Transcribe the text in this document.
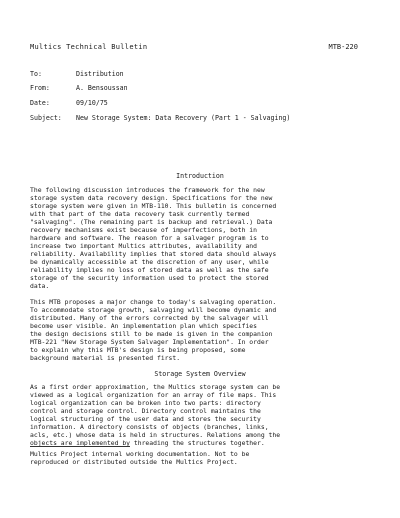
Multics Technical Bulletin	MTB-220
To:	Distribution
From:	A. Bensoussan
Date:	09/10/75
Subject: New Storage System: Data Recovery (Part 1 - Salvaging)
Introduction
The following discussion introduces the framework for the new
storage system data recovery design. Specifications for the new
storage system were given in MTB-110. This bulletin is concerned
with that part of the data recovery task currently termed
"salvaging". (The remaining part is backup and retrieval.) Data
recovery mechanisms exist because of imperfections, both in
hardware and software. The reason for a salvager program is to
increase two important Multics attributes, availability and
reliability. Availability implies that stored data should always
be dynamically accessible at the discretion of any user, while
reliability implies no loss of stored data as well as the safe
storage of the security information used to protect the stored
data.
This MTB proposes a major change to today's salvaging operation.
To accommodate storage growth, salvaging will become dynamic and
distributed. Many of the errors corrected by the salvager will
become user visible. An implementation plan which specifies
the design decisions still to be made is given in the companion
MTB-221 "New Storage System Salvager Implementation". In order
to explain why this MTB's design is being proposed, some
background material is presented first.
Storage System Overview
As a first order approximation, the Multics storage system can be
viewed as a logical organization for an array of file maps. This
logical organization can be broken into two parts: directory
control and storage control. Directory control maintains the
logical structuring of the user data and stores the security
information. A directory consists of objects (branches, links,
acls, etc.) whose data is held in structures. Relations among the
objects are implemented by threading the structures together.
Multics Project internal working documentation. Not to be
reproduced or distributed outside the Multics Project.
